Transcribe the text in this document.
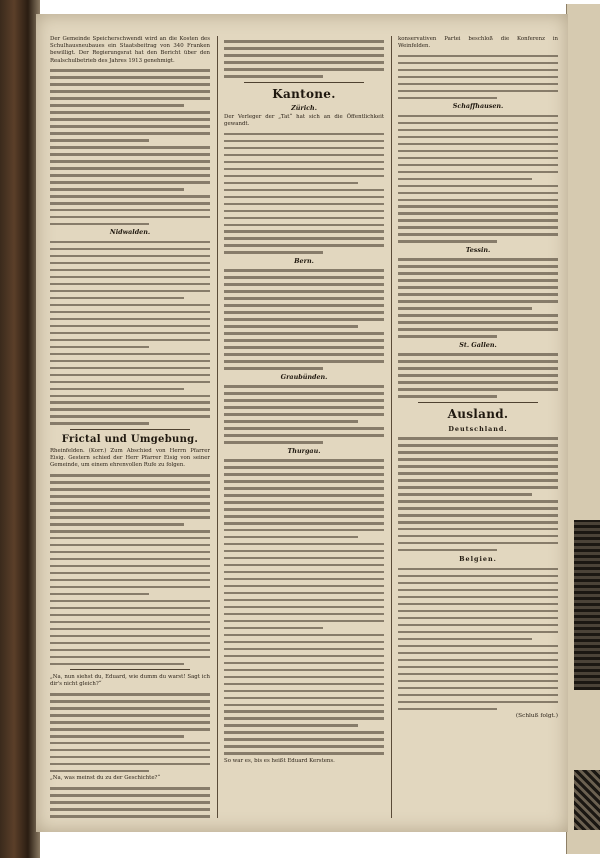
Der Gemeinde Speicherschwendi wird an die Kosten des Schulhausneubaues ein Staatsbeitrag von 340 Franken bewilligt. Der Regierungsrat hat den Bericht über den Realschulbetrieb des Jahres 1913 genehmigt.

Nidwalden.
Frictal und Umgebung.

Rheinfelden. (Korr.) Zum Abschied von Herrn Pfarrer Eisig. Gestern schied der Herr Pfarrer Eisig von seiner Gemeinde, um einem ehrenvollen Rufe zu folgen.

„Na, nun siehst du, Eduard, wie dumm du warst! Sagt ich dir's nicht gleich?“

„Na, was meinst du zu der Geschichte?“

Kantone.
Zürich.

Der Verleger der „Tat“ hat sich an die Öffentlichkeit gewandt.

Bern.
Graubünden.
Thurgau.

So war es, bis es heißt Eduard Kerstens.

konservativen Partei beschloß die Konferenz in Weinfelden.

Schaffhausen.
Tessin.
St. Gallen.
Ausland.
Deutschland.
Belgien.
(Schluß folgt.)
